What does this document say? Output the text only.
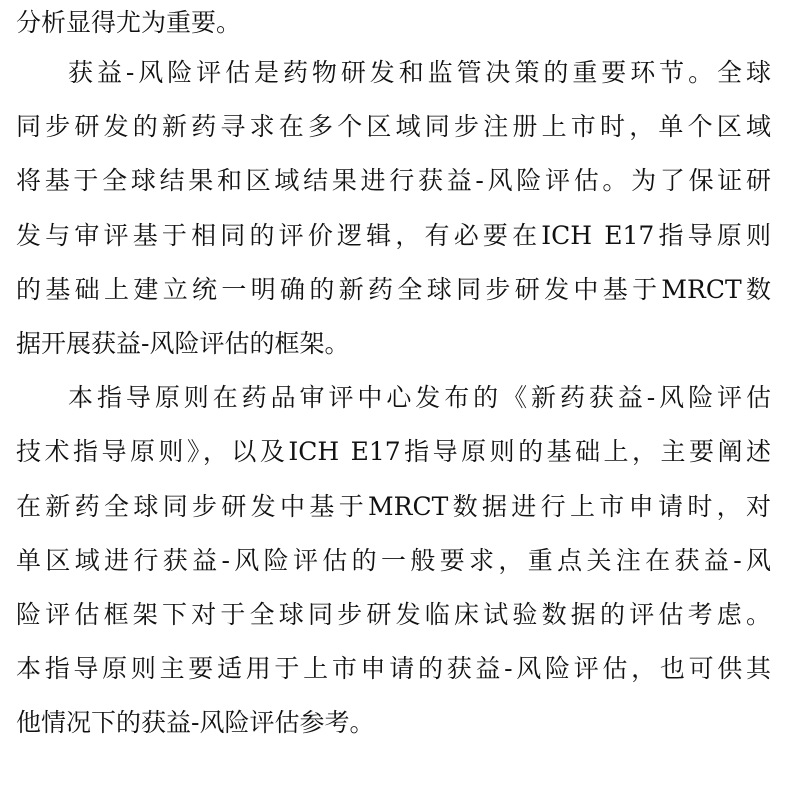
分析显得尤为重要。
获益-风险评估是药物研发和监管决策的重要环节。全球
同步研发的新药寻求在多个区域同步注册上市时，单个区域
将基于全球结果和区域结果进行获益-风险评估。为了保证研
发与审评基于相同的评价逻辑，有必要在ICH E17指导原则
的基础上建立统一明确的新药全球同步研发中基于MRCT数
据开展获益-风险评估的框架。
本指导原则在药品审评中心发布的《新药获益-风险评估
技术指导原则》，以及ICH E17指导原则的基础上，主要阐述
在新药全球同步研发中基于MRCT数据进行上市申请时，对
单区域进行获益-风险评估的一般要求，重点关注在获益-风
险评估框架下对于全球同步研发临床试验数据的评估考虑。
本指导原则主要适用于上市申请的获益-风险评估，也可供其
他情况下的获益-风险评估参考。
